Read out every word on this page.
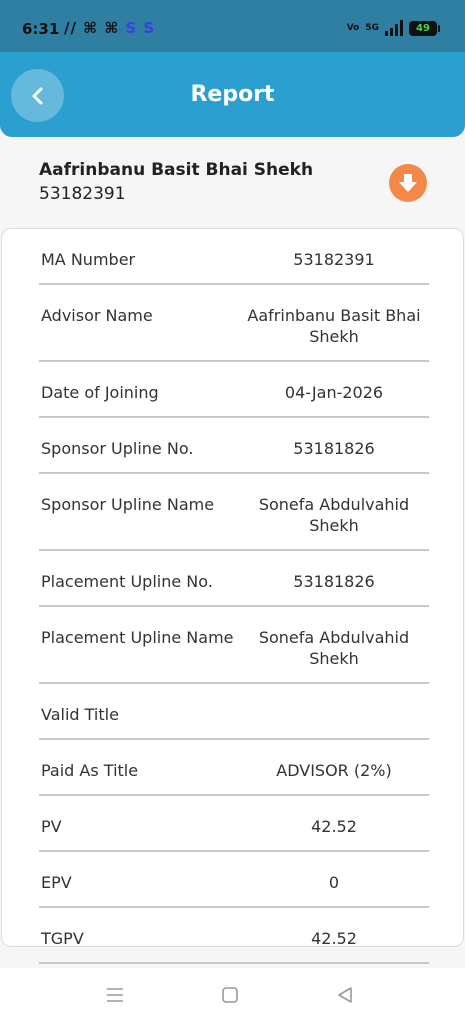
6:31 // ⌘ ⌘ S S	Vo 5G	49
Report
Aafrinbanu Basit Bhai Shekh
53182391
MA Number	53182391
Advisor Name	Aafrinbanu Basit Bhai Shekh
Date of Joining	04-Jan-2026
Sponsor Upline No.	53181826
Sponsor Upline Name	Sonefa Abdulvahid Shekh
Placement Upline No.	53181826
Placement Upline Name	Sonefa Abdulvahid Shekh
Valid Title
Paid As Title	ADVISOR (2%)
PV	42.52
EPV	0
TGPV	42.52
